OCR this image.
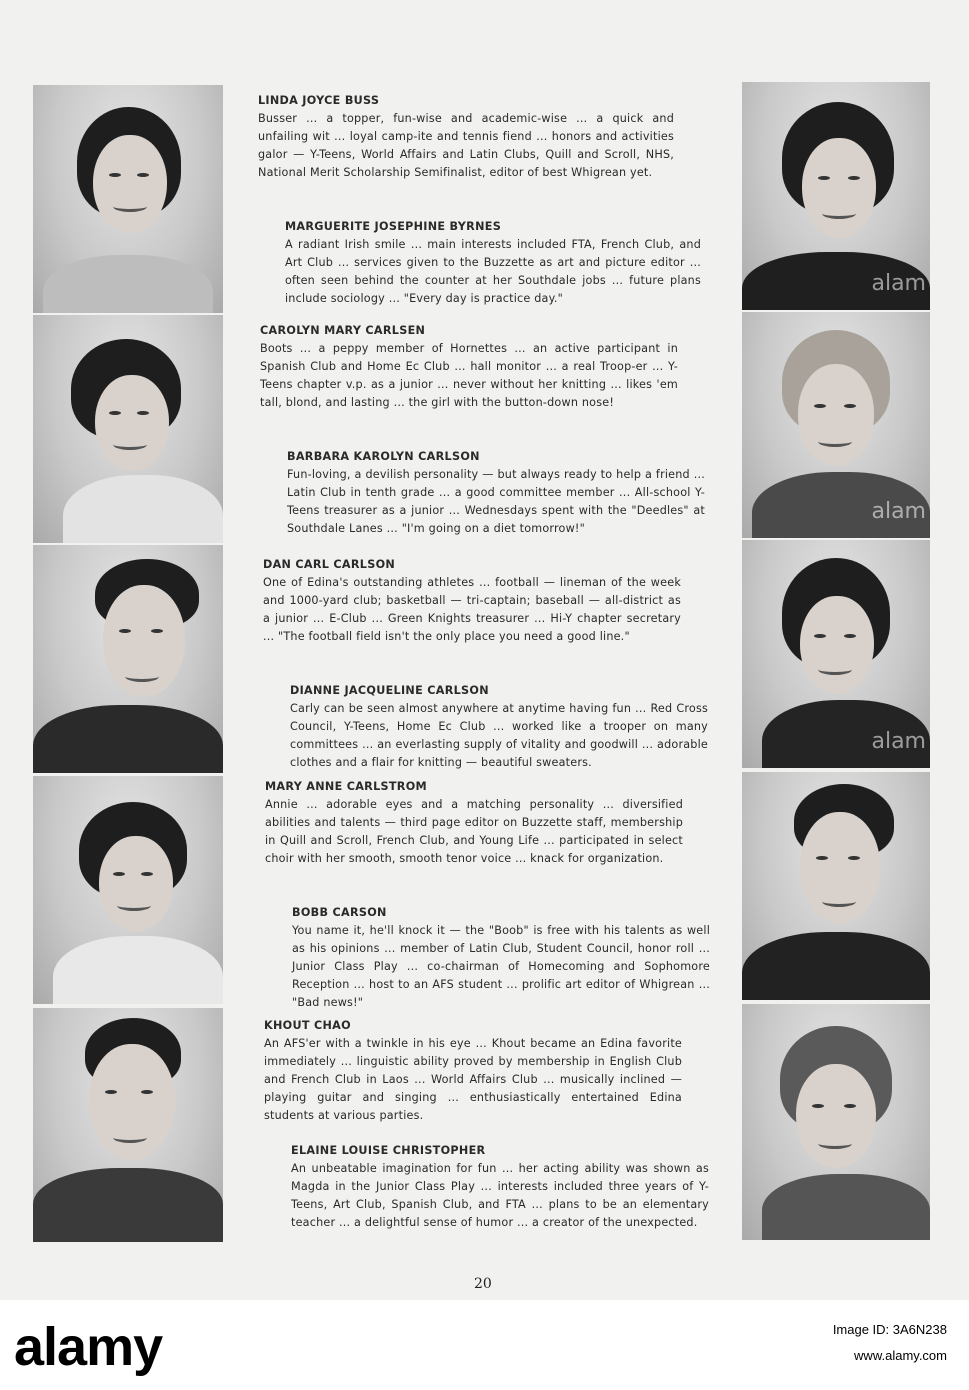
alam
alam
alam
LINDA JOYCE BUSS
Busser ... a topper, fun-wise and academic-wise ... a quick and unfailing wit ... loyal camp-ite and tennis fiend ... honors and activities galor — Y-Teens, World Affairs and Latin Clubs, Quill and Scroll, NHS, National Merit Scholarship Semifinalist, editor of best Whigrean yet.
MARGUERITE JOSEPHINE BYRNES
A radiant Irish smile ... main interests included FTA, French Club, and Art Club ... services given to the Buzzette as art and picture editor ... often seen behind the counter at her Southdale jobs ... future plans include sociology ... "Every day is practice day."
CAROLYN MARY CARLSEN
Boots ... a peppy member of Hornettes ... an active participant in Spanish Club and Home Ec Club ... hall monitor ... a real Troop-er ... Y-Teens chapter v.p. as a junior ... never without her knitting ... likes 'em tall, blond, and lasting ... the girl with the button-down nose!
BARBARA KAROLYN CARLSON
Fun-loving, a devilish personality — but always ready to help a friend ... Latin Club in tenth grade ... a good committee member ... All-school Y-Teens treasurer as a junior ... Wednesdays spent with the "Deedles" at Southdale Lanes ... "I'm going on a diet tomorrow!"
DAN CARL CARLSON
One of Edina's outstanding athletes ... football — lineman of the week and 1000-yard club; basketball — tri-captain; baseball — all-district as a junior ... E-Club ... Green Knights treasurer ... Hi-Y chapter secretary ... "The football field isn't the only place you need a good line."
DIANNE JACQUELINE CARLSON
Carly can be seen almost anywhere at anytime having fun ... Red Cross Council, Y-Teens, Home Ec Club ... worked like a trooper on many committees ... an everlasting supply of vitality and goodwill ... adorable clothes and a flair for knitting — beautiful sweaters.
MARY ANNE CARLSTROM
Annie ... adorable eyes and a matching personality ... diversified abilities and talents — third page editor on Buzzette staff, membership in Quill and Scroll, French Club, and Young Life ... participated in select choir with her smooth, smooth tenor voice ... knack for organization.
BOBB CARSON
You name it, he'll knock it — the "Boob" is free with his talents as well as his opinions ... member of Latin Club, Student Council, honor roll ... Junior Class Play ... co-chairman of Homecoming and Sophomore Reception ... host to an AFS student ... prolific art editor of Whigrean ... "Bad news!"
KHOUT CHAO
An AFS'er with a twinkle in his eye ... Khout became an Edina favorite immediately ... linguistic ability proved by membership in English Club and French Club in Laos ... World Affairs Club ... musically inclined — playing guitar and singing ... enthusiastically entertained Edina students at various parties.
ELAINE LOUISE CHRISTOPHER
An unbeatable imagination for fun ... her acting ability was shown as Magda in the Junior Class Play ... interests included three years of Y-Teens, Art Club, Spanish Club, and FTA ... plans to be an elementary teacher ... a delightful sense of humor ... a creator of the unexpected.
20
alamy	Image ID: 3A6N238
www.alamy.com
